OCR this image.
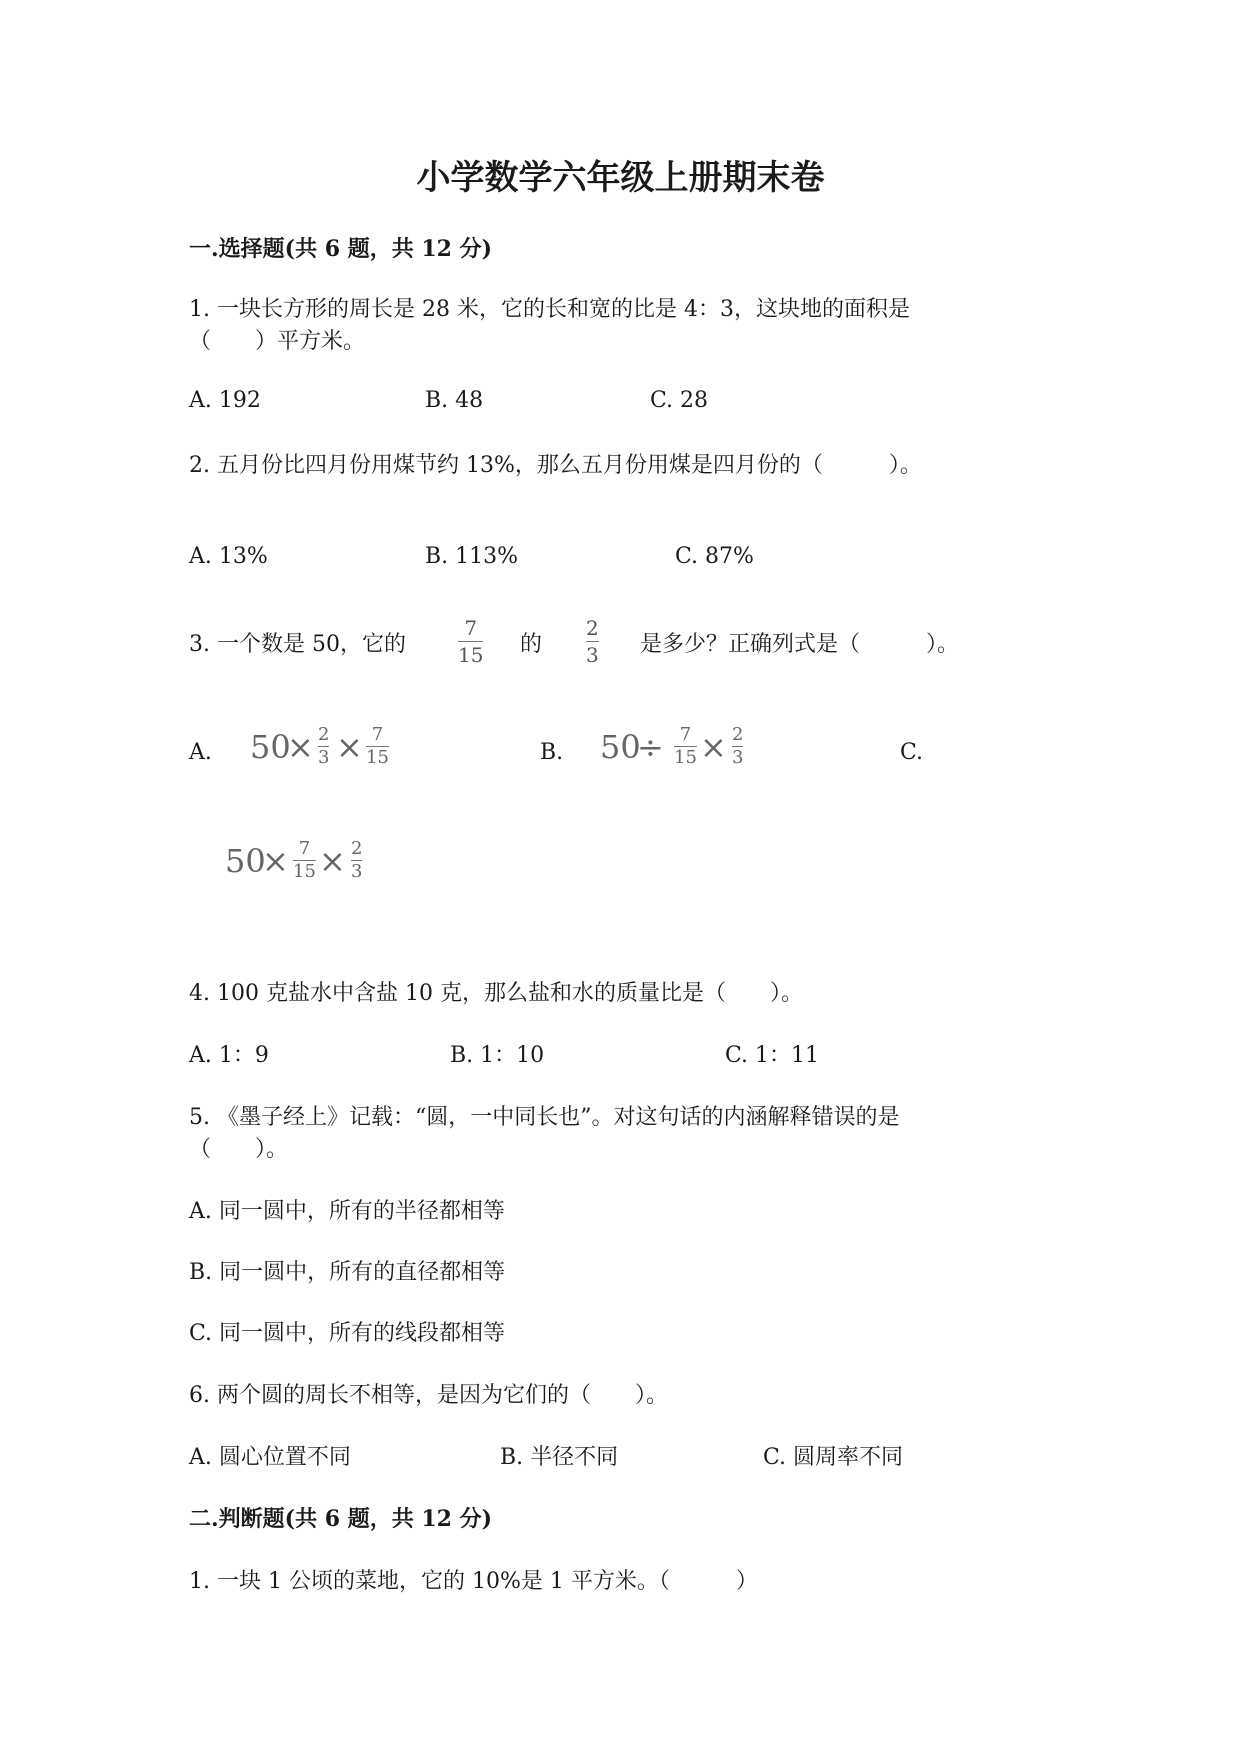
小学数学六年级上册期末卷
一.选择题(共 6 题，共 12 分)
1. 一块长方形的周长是 28 米，它的长和宽的比是 4：3，这块地的面积是
（　　）平方米。
A. 192	B. 48	C. 28
2. 五月份比四月份用煤节约 13%，那么五月份用煤是四月份的（　　　）。
A. 13%	B. 113%	C. 87%
3. 一个数是 50，它的
7
15 的
2
3 是多少？正确列式是（　　　）。
A.	B.	C.
50
× 2
3 × 7
15	50
÷ 7
15 × 2
3
50
× 7
15 × 2
3
4. 100 克盐水中含盐 10 克，那么盐和水的质量比是（　　）。
A. 1：9	B. 1：10	C. 1：11
5. 《墨子经上》记载：“圆，一中同长也”。对这句话的内涵解释错误的是
（　　）。
A. 同一圆中，所有的半径都相等
B. 同一圆中，所有的直径都相等
C. 同一圆中，所有的线段都相等
6. 两个圆的周长不相等，是因为它们的（　　）。
A. 圆心位置不同	B. 半径不同	C. 圆周率不同
二.判断题(共 6 题，共 12 分)
1. 一块 1 公顷的菜地，它的 10%是 1 平方米。（　　　）
